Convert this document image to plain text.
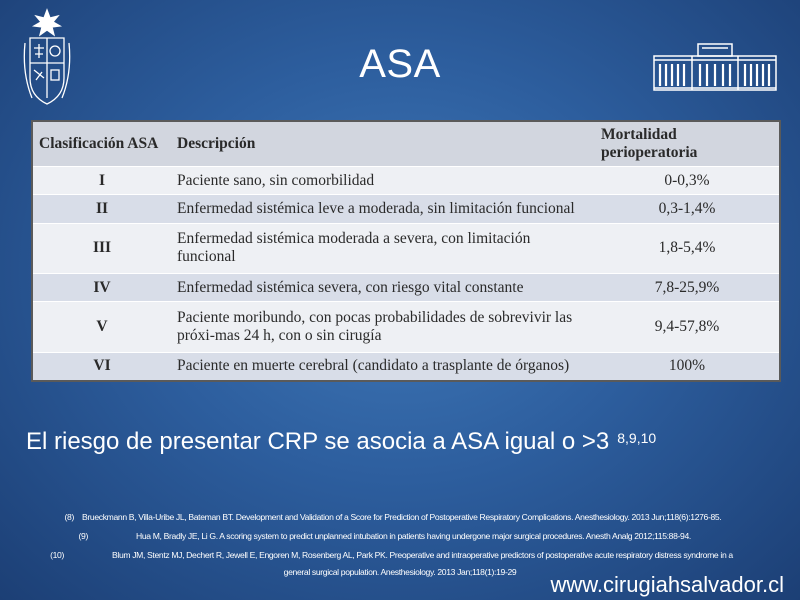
ASA
Clasificación ASA	Descripción	Mortalidad perioperatoria
I	Paciente sano, sin comorbilidad	0-0,3%
II	Enfermedad sistémica leve a moderada, sin limitación funcional	0,3-1,4%
III	Enfermedad sistémica moderada a severa, con limitación funcional	1,8-5,4%
IV	Enfermedad sistémica severa, con riesgo vital constante	7,8-25,9%
V	Paciente moribundo, con pocas probabilidades de sobrevivir las próxi-mas 24 h, con o sin cirugía	9,4-57,8%
VI	Paciente en muerte cerebral (candidato a trasplante de órganos)	100%
El riesgo de presentar CRP se asocia a ASA igual o >3 $^{8,9,10}$
(8) Brueckmann B, Villa-Uribe JL, Bateman BT. Development and Validation of a Score for Prediction of Postoperative Respiratory Complications. Anesthesiology. 2013 Jun;118(6):1276-85.
(9)	Hua M, Bradly JE, Li G. A scoring system to predict unplanned intubation in patients having undergone major surgical procedures. Anesth Analg 2012;115:88-94.
(10)	Blum JM, Stentz MJ, Dechert R, Jewell E, Engoren M, Rosenberg AL, Park PK. Preoperative and intraoperative predictors of postoperative acute respiratory distress syndrome in a
general surgical population. Anesthesiology. 2013 Jan;118(1):19-29	www.cirugiahsalvador.cl
